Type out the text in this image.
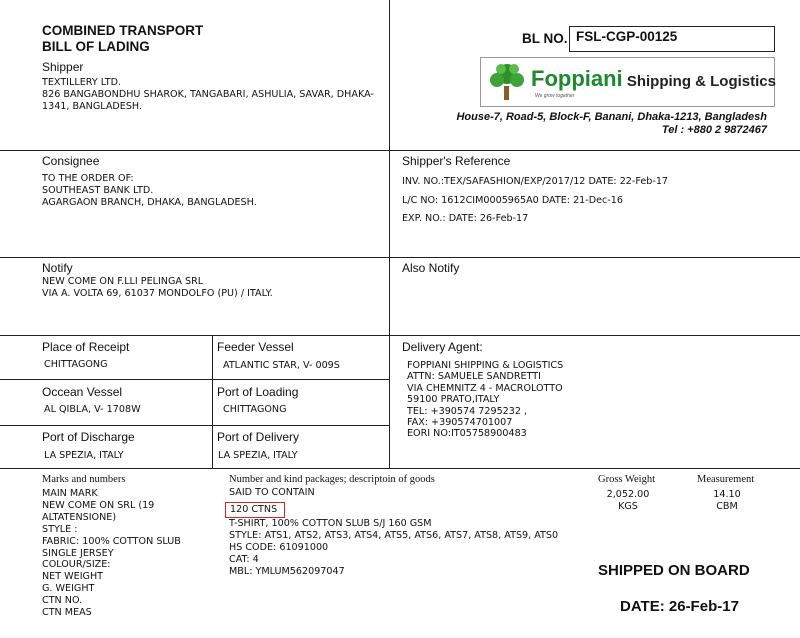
COMBINED TRANSPORT
BILL OF LADING
Shipper
TEXTILLERY LTD.
826 BANGABONDHU SHAROK, TANGABARI, ASHULIA, SAVAR, DHAKA-
1341, BANGLADESH.
BL NO. FSL-CGP-00125
Foppiani Shipping & Logistics
We grow together
House-7, Road-5, Block-F, Banani, Dhaka-1213, Bangladesh
Tel : +880 2 9872467
Consignee
TO THE ORDER OF:
SOUTHEAST BANK LTD.
AGARGAON BRANCH, DHAKA, BANGLADESH.
Shipper's Reference
INV. NO.:TEX/SAFASHION/EXP/2017/12 DATE: 22-Feb-17
L/C NO: 1612CIM0005965A0 DATE: 21-Dec-16
EXP. NO.: DATE: 26-Feb-17
Notify
NEW COME ON F.LLI PELINGA SRL
VIA A. VOLTA 69, 61037 MONDOLFO (PU) / ITALY.
Also Notify
Place of Receipt
CHITTAGONG
Feeder Vessel
ATLANTIC STAR, V- 009S
Occean Vessel
AL QIBLA, V- 1708W
Port of Loading
CHITTAGONG
Port of Discharge
LA SPEZIA, ITALY
Port of Delivery
LA SPEZIA, ITALY
Delivery Agent:
FOPPIANI SHIPPING & LOGISTICS
ATTN: SAMUELE SANDRETTI
VIA CHEMNITZ 4 - MACROLOTTO
59100 PRATO,ITALY
TEL: +390574 7295232 ,
FAX: +390574701007
EORI NO:IT05758900483
Marks and numbers
MAIN MARK
NEW COME ON SRL (19
ALTATENSIONE)
STYLE :
FABRIC: 100% COTTON SLUB
SINGLE JERSEY
COLOUR/SIZE:
NET WEIGHT
G. WEIGHT
CTN NO.
CTN MEAS
Number and kind packages; descriptoin of goods
SAID TO CONTAIN
120 CTNS
T-SHIRT, 100% COTTON SLUB S/J 160 GSM
STYLE: ATS1, ATS2, ATS3, ATS4, ATS5, ATS6, ATS7, ATS8, ATS9, ATS0
HS CODE: 61091000
CAT: 4
MBL: YMLUM562097047
Gross Weight
2,052.00
KGS
Measurement
14.10
CBM
SHIPPED ON BOARD
DATE: 26-Feb-17
